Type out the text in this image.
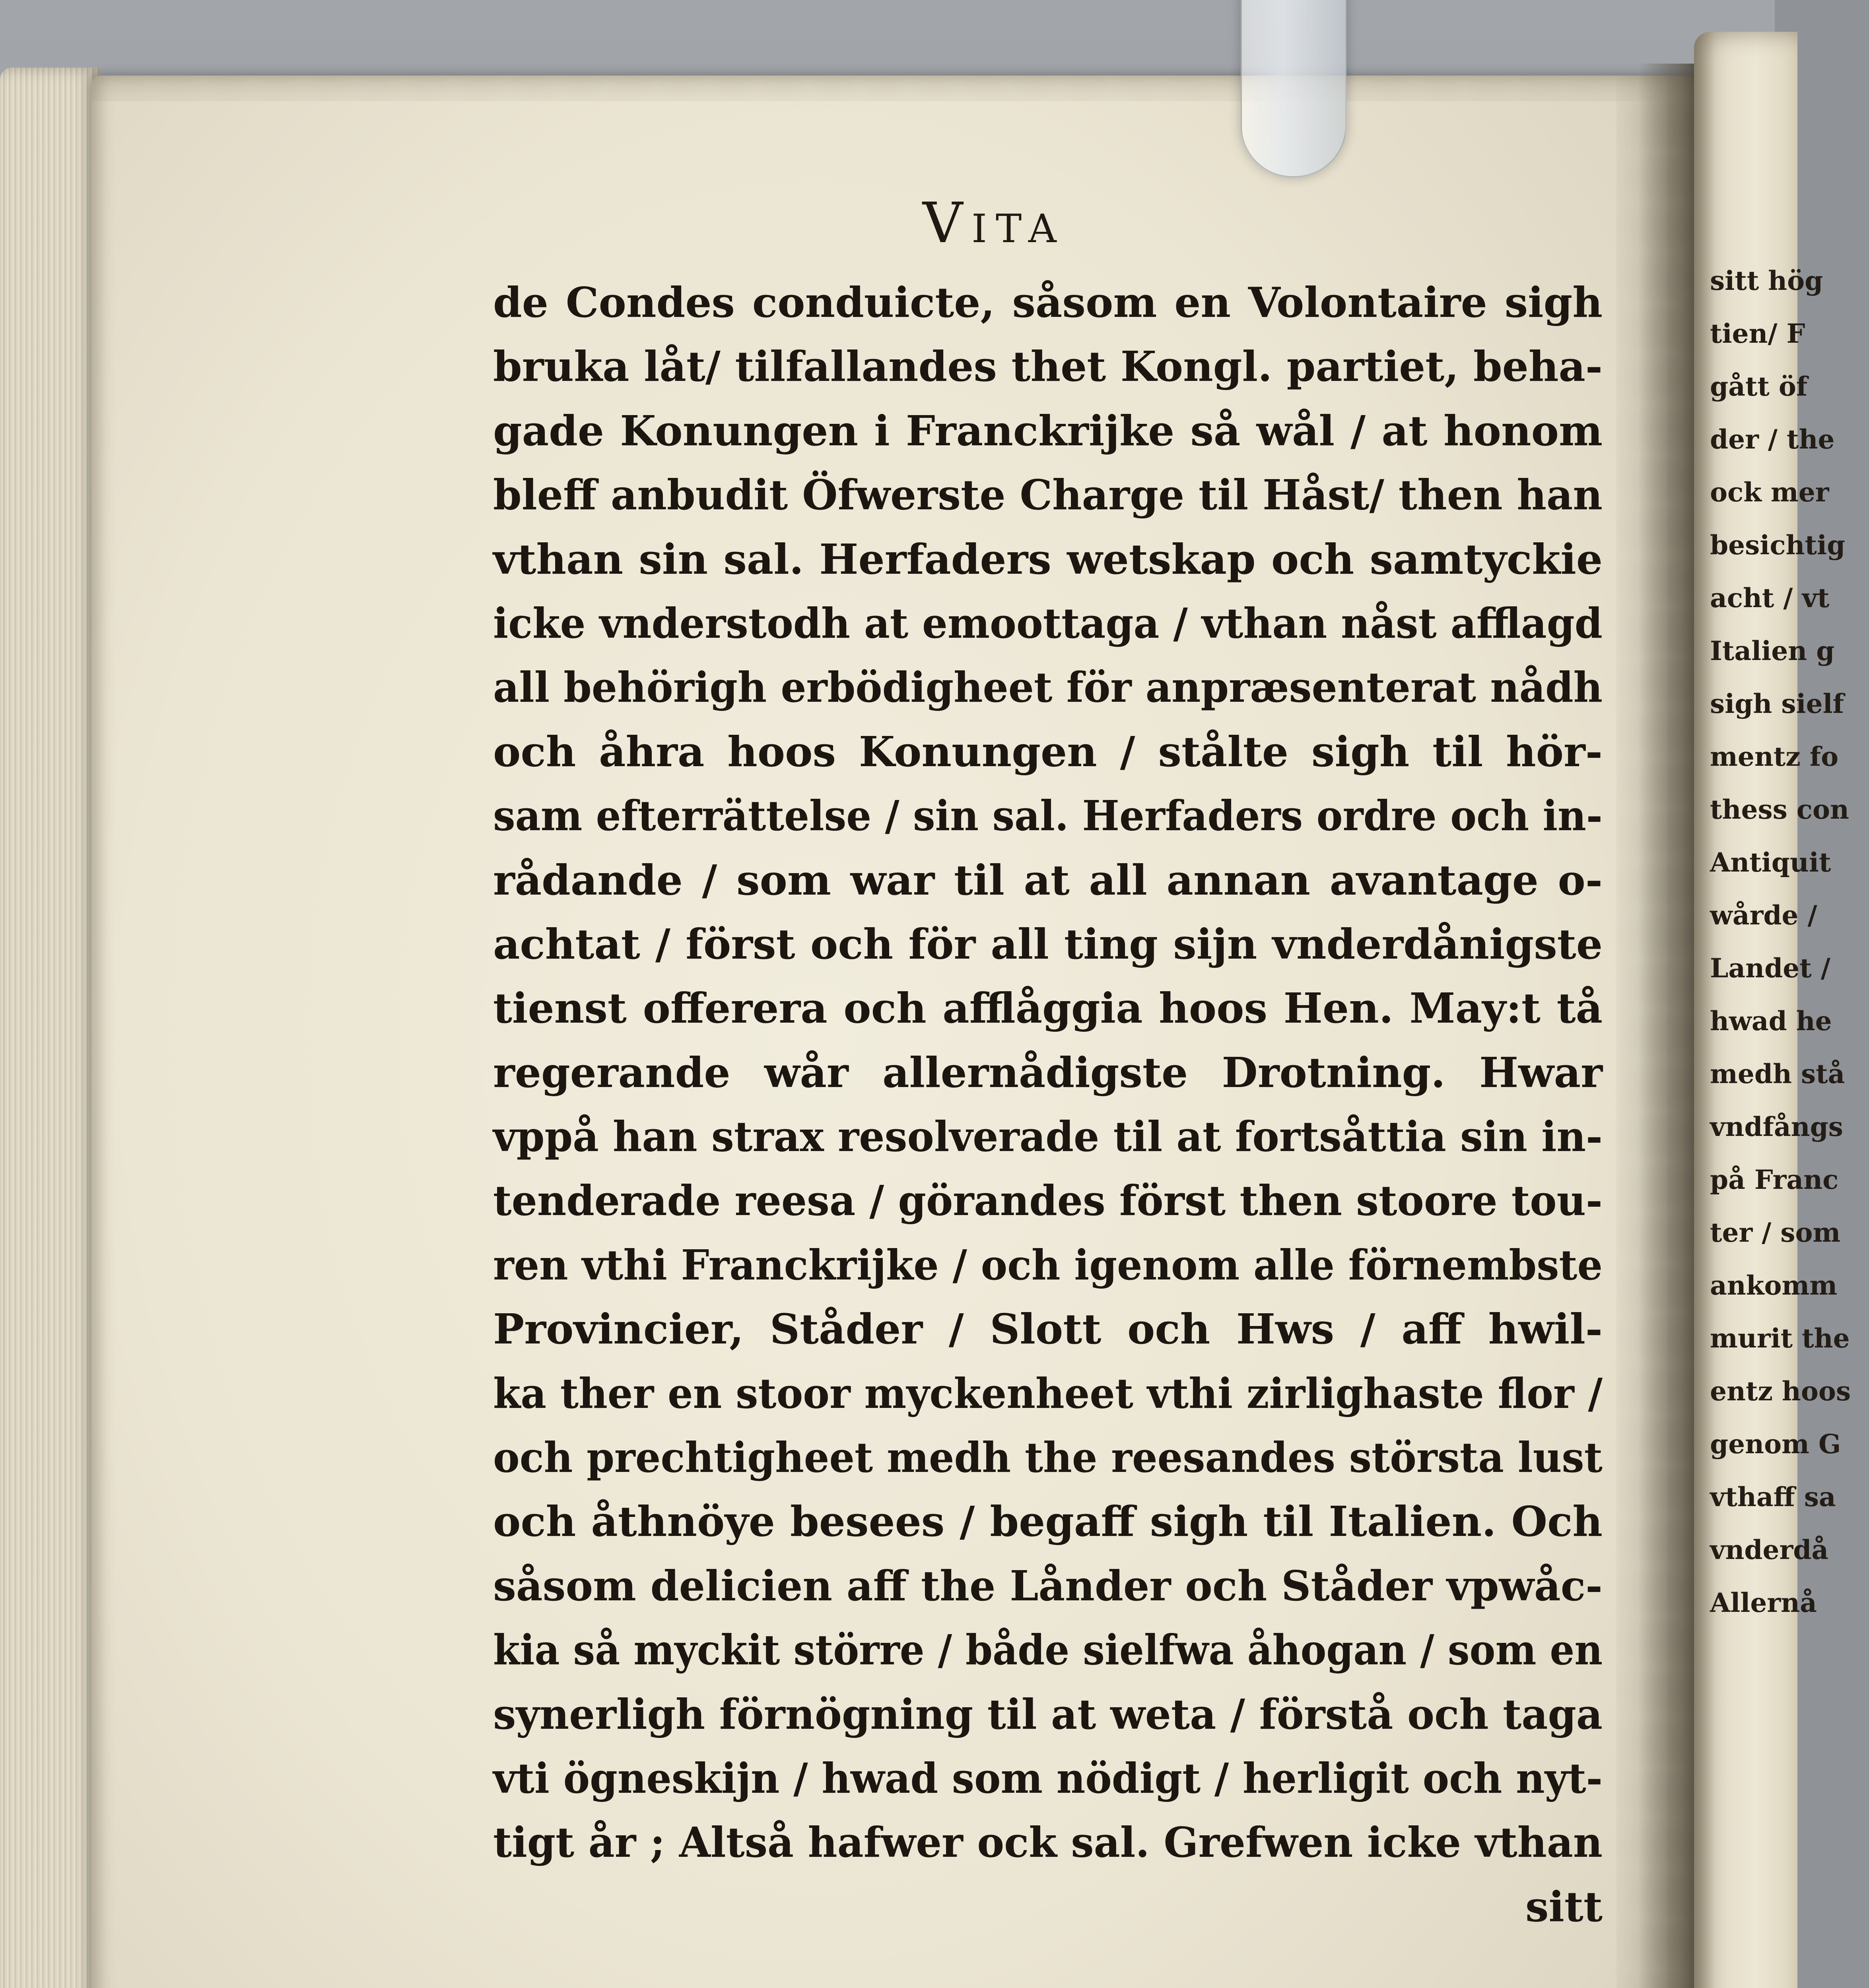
Vita
de Condes conduicte, såsom en Volontaire sigh
bruka låt/ tilfallandes thet Kongl. partiet, beha-
gade Konungen i Franckrijke så wål / at honom
bleff anbudit Öfwerste Charge til Håst/ then han
vthan sin sal. Herfaders wetskap och samtyckie
icke vnderstodh at emoottaga / vthan nåst afflagd
all behörigh erbödigheet för anpræsenterat nådh
och åhra hoos Konungen / stålte sigh til hör-
sam efterrättelse / sin sal. Herfaders ordre och in-
rådande / som war til at all annan avantage o-
achtat / först och för all ting sijn vnderdånigste
tienst offerera och afflåggia hoos Hen. May:t tå
regerande wår allernådigste Drotning. Hwar
vppå han strax resolverade til at fortsåttia sin in-
tenderade reesa / görandes först then stoore tou-
ren vthi Franckrijke / och igenom alle förnembste
Provincier, Ståder / Slott och Hws / aff hwil-
ka ther en stoor myckenheet vthi zirlighaste flor /
och prechtigheet medh the reesandes största lust
och åthnöye besees / begaff sigh til Italien. Och
såsom delicien aff the Lånder och Ståder vpwåc-
kia så myckit större / både sielfwa åhogan / som en
synerligh förnögning til at weta / förstå och taga
vti ögneskijn / hwad som nödigt / herligit och nyt-
tigt år ; Altså hafwer ock sal. Grefwen icke vthan
sitt
sitt hög
tien/ F
gått öf
der / the
ock mer
besichtig
acht / vt
Italien g
sigh sielf
mentz fo
thess con
Antiquit
wårde /
Landet /
hwad he
medh stå
vndfångs
på Franc
ter / som
ankomm
murit the
entz hoos
genom G
vthaff sa
vnderdå
Allernå
